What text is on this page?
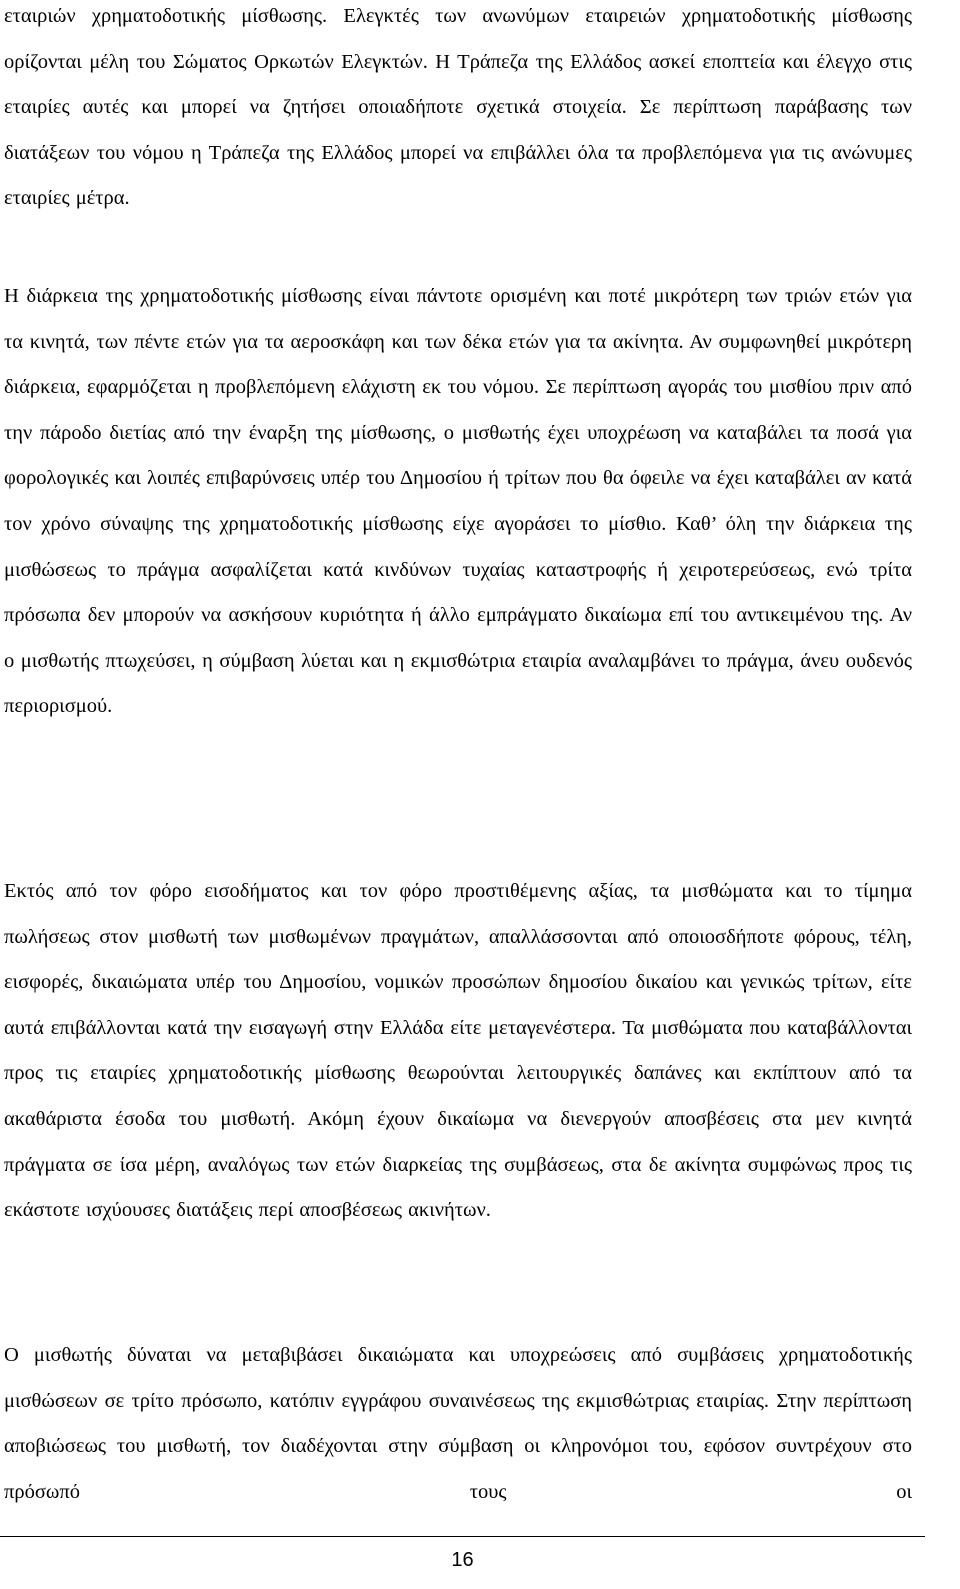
εταιριών χρηματοδοτικής μίσθωσης. Ελεγκτές των ανωνύμων εταιρειών χρηματοδοτικής μίσθωσης ορίζονται μέλη του Σώματος Ορκωτών Ελεγκτών. Η Τράπεζα της Ελλάδος ασκεί εποπτεία και έλεγχο στις εταιρίες αυτές και μπορεί να ζητήσει οποιαδήποτε σχετικά στοιχεία. Σε περίπτωση παράβασης των διατάξεων του νόμου η Τράπεζα της Ελλάδος μπορεί να επιβάλλει όλα τα προβλεπόμενα για τις ανώνυμες εταιρίες μέτρα.

Η διάρκεια της χρηματοδοτικής μίσθωσης είναι πάντοτε ορισμένη και ποτέ μικρότερη των τριών ετών για τα κινητά, των πέντε ετών για τα αεροσκάφη και των δέκα ετών για τα ακίνητα. Αν συμφωνηθεί μικρότερη διάρκεια, εφαρμόζεται η προβλεπόμενη ελάχιστη εκ του νόμου. Σε περίπτωση αγοράς του μισθίου πριν από την πάροδο διετίας από την έναρξη της μίσθωσης, ο μισθωτής έχει υποχρέωση να καταβάλει τα ποσά για φορολογικές και λοιπές επιβαρύνσεις υπέρ του Δημοσίου ή τρίτων που θα όφειλε να έχει καταβάλει αν κατά τον χρόνο σύναψης της χρηματοδοτικής μίσθωσης είχε αγοράσει το μίσθιο. Καθ’ όλη την διάρκεια της μισθώσεως το πράγμα ασφαλίζεται κατά κινδύνων τυχαίας καταστροφής ή χειροτερεύσεως, ενώ τρίτα πρόσωπα δεν μπορούν να ασκήσουν κυριότητα ή άλλο εμπράγματο δικαίωμα επί του αντικειμένου της. Αν ο μισθωτής πτωχεύσει, η σύμβαση λύεται και η εκμισθώτρια εταιρία αναλαμβάνει το πράγμα, άνευ ουδενός περιορισμού.

Εκτός από τον φόρο εισοδήματος και τον φόρο προστιθέμενης αξίας, τα μισθώματα και το τίμημα πωλήσεως στον μισθωτή των μισθωμένων πραγμάτων, απαλλάσσονται από οποιοσδήποτε φόρους, τέλη, εισφορές, δικαιώματα υπέρ του Δημοσίου, νομικών προσώπων δημοσίου δικαίου και γενικώς τρίτων, είτε αυτά επιβάλλονται κατά την εισαγωγή στην Ελλάδα είτε μεταγενέστερα. Τα μισθώματα που καταβάλλονται προς τις εταιρίες χρηματοδοτικής μίσθωσης θεωρούνται λειτουργικές δαπάνες και εκπίπτουν από τα ακαθάριστα έσοδα του μισθωτή. Ακόμη έχουν δικαίωμα να διενεργούν αποσβέσεις στα μεν κινητά πράγματα σε ίσα μέρη, αναλόγως των ετών διαρκείας της συμβάσεως, στα δε ακίνητα συμφώνως προς τις εκάστοτε ισχύουσες διατάξεις περί αποσβέσεως ακινήτων.

Ο μισθωτής δύναται να μεταβιβάσει δικαιώματα και υποχρεώσεις από συμβάσεις χρηματοδοτικής μισθώσεων σε τρίτο πρόσωπο, κατόπιν εγγράφου συναινέσεως της εκμισθώτριας εταιρίας. Στην περίπτωση αποβιώσεως του μισθωτή, τον διαδέχονται στην σύμβαση οι κληρονόμοι του, εφόσον συντρέχουν στο πρόσωπό τους οι

16
